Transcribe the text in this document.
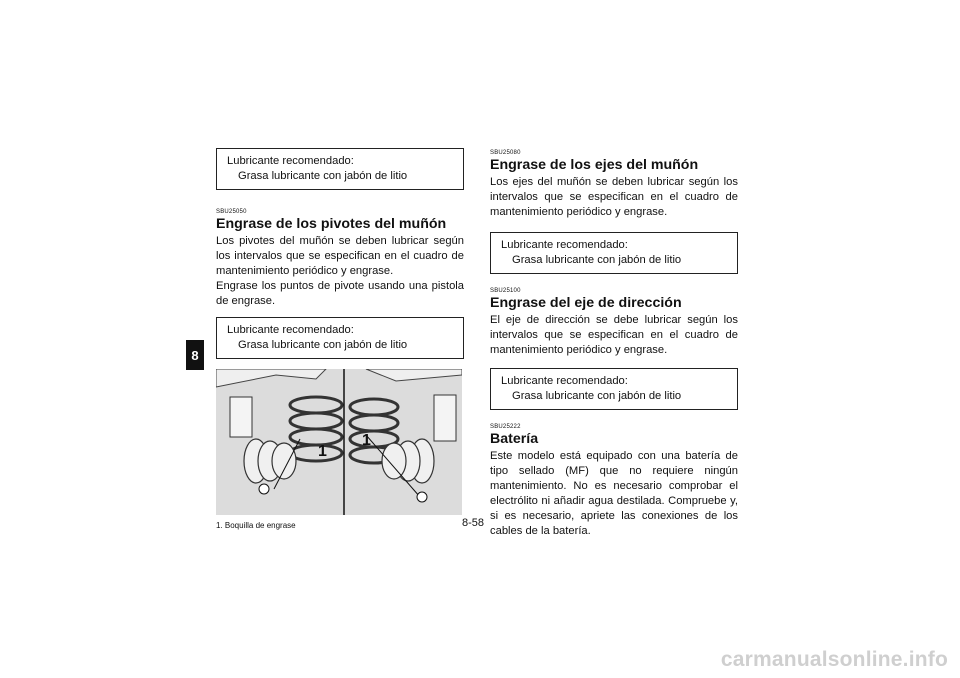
8
Lubricante recomendado:
Grasa lubricante con jabón de litio
SBU25050
Engrase de los pivotes del muñón

Los pivotes del muñón se deben lubricar según los intervalos que se especifican en el cuadro de mantenimiento periódico y engrase.

Engrase los puntos de pivote usando una pistola de engrase.

Lubricante recomendado:
Grasa lubricante con jabón de litio
1
1
1. Boquilla de engrase
SBU25080
Engrase de los ejes del muñón

Los ejes del muñón se deben lubricar según los intervalos que se especifican en el cuadro de mantenimiento periódico y engrase.

Lubricante recomendado:
Grasa lubricante con jabón de litio
SBU25100
Engrase del eje de dirección

El eje de dirección se debe lubricar según los intervalos que se especifican en el cuadro de mantenimiento periódico y engrase.

Lubricante recomendado:
Grasa lubricante con jabón de litio
SBU25222
Batería

Este modelo está equipado con una batería de tipo sellado (MF) que no requiere ningún mantenimiento. No es necesario comprobar el electrólito ni añadir agua destilada. Compruebe y, si es necesario, apriete las conexiones de los cables de la batería.

8-58
carmanualsonline.info
